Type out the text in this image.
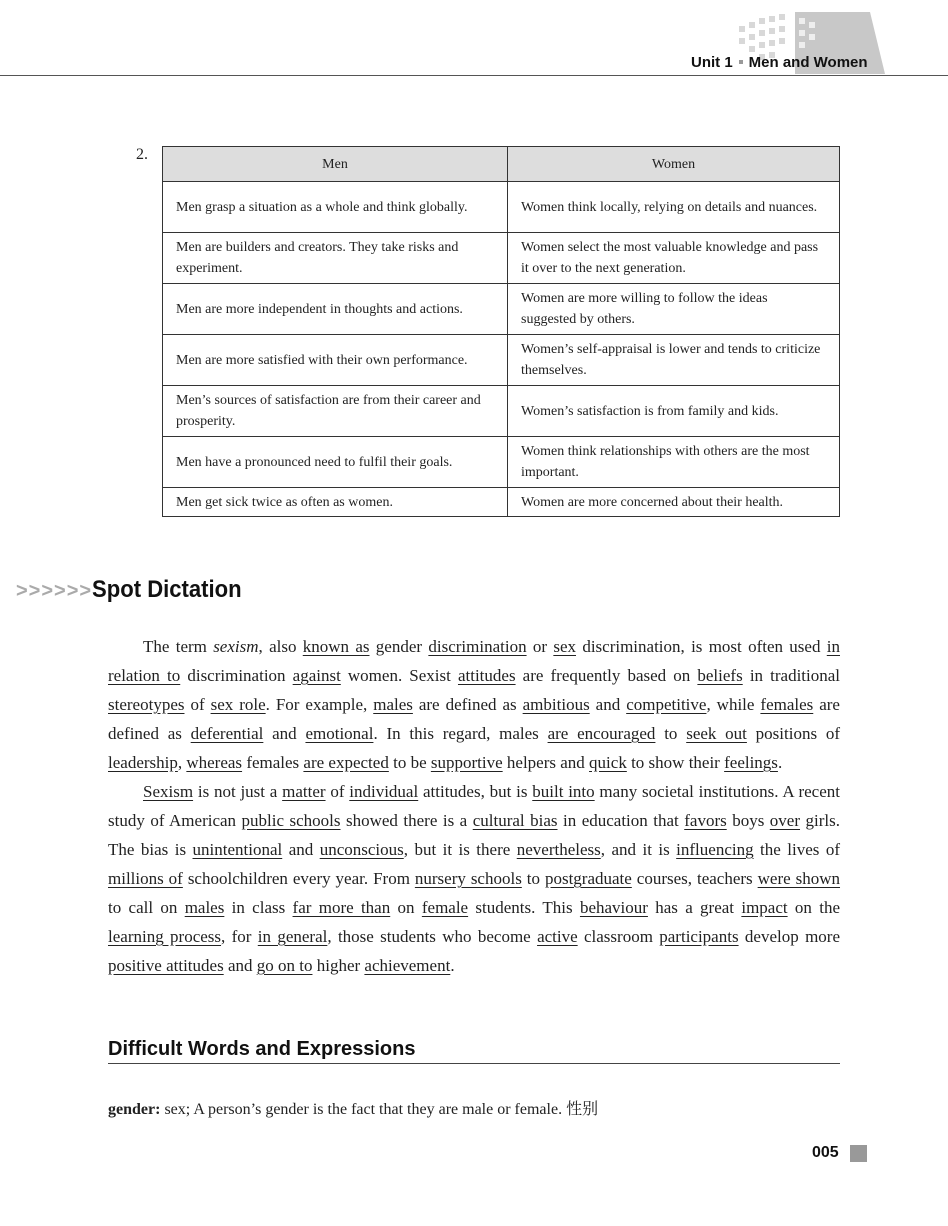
Unit 1 Men and Women
2.
Men	Women
Men grasp a situation as a whole and think globally.	Women think locally, relying on details and nuances.
Men are builders and creators. They take risks and experiment.	Women select the most valuable knowledge and pass it over to the next generation.
Men are more independent in thoughts and actions.	Women are more willing to follow the ideas suggested by others.
Men are more satisfied with their own performance.	Women’s self-appraisal is lower and tends to criticize themselves.
Men’s sources of satisfaction are from their career and prosperity.	Women’s satisfaction is from family and kids.
Men have a pronounced need to fulfil their goals.	Women think relationships with others are the most important.
Men get sick twice as often as women.	Women are more concerned about their health.
>>>>>>Spot Dictation

The term sexism, also known as gender discrimination or sex discrimination, is most often used in relation to discrimination against women. Sexist attitudes are frequently based on beliefs in traditional stereotypes of sex role. For example, males are defined as ambitious and competitive, while females are defined as deferential and emotional. In this regard, males are encouraged to seek out positions of leadership, whereas females are expected to be supportive helpers and quick to show their feelings.

Sexism is not just a matter of individual attitudes, but is built into many societal institutions. A recent study of American public schools showed there is a cultural bias in education that favors boys over girls. The bias is unintentional and unconscious, but it is there nevertheless, and it is influencing the lives of millions of schoolchildren every year. From nursery schools to postgraduate courses, teachers were shown to call on males in class far more than on female students. This behaviour has a great impact on the learning process, for in general, those students who become active classroom participants develop more positive attitudes and go on to higher achievement.

Difficult Words and Expressions
gender: sex; A person’s gender is the fact that they are male or female. 性别
005
